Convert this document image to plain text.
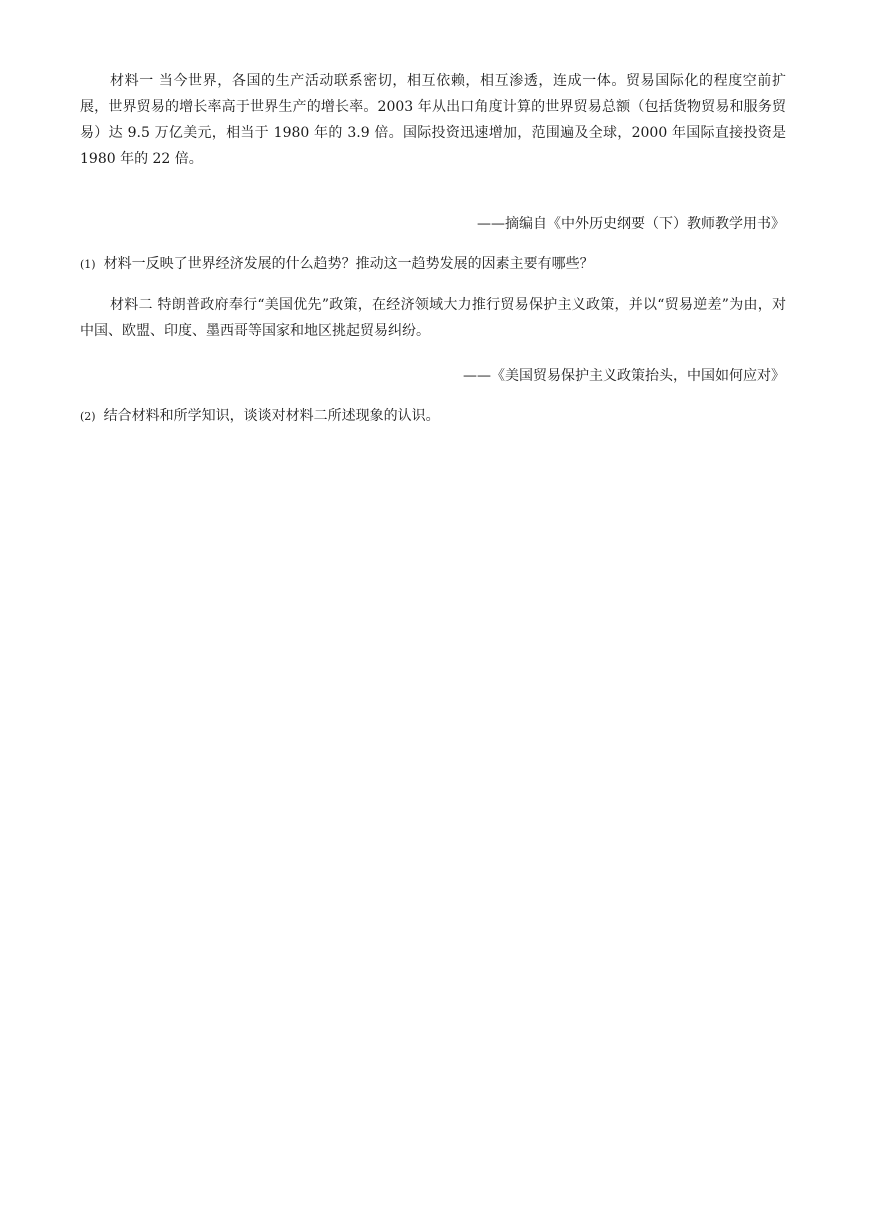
材料一 当今世界，各国的生产活动联系密切，相互依赖，相互渗透，连成一体。贸易国际化的程度空前扩展，世界贸易的增长率高于世界生产的增长率。2003 年从出口角度计算的世界贸易总额（包括货物贸易和服务贸易）达 9.5 万亿美元，相当于 1980 年的 3.9 倍。国际投资迅速增加，范围遍及全球，2000 年国际直接投资是 1980 年的 22 倍。

——摘编自《中外历史纲要（下）教师教学用书》

(1) 材料一反映了世界经济发展的什么趋势？推动这一趋势发展的因素主要有哪些？

材料二 特朗普政府奉行“美国优先”政策，在经济领域大力推行贸易保护主义政策，并以“贸易逆差”为由，对中国、欧盟、印度、墨西哥等国家和地区挑起贸易纠纷。

——《美国贸易保护主义政策抬头，中国如何应对》

(2) 结合材料和所学知识，谈谈对材料二所述现象的认识。
